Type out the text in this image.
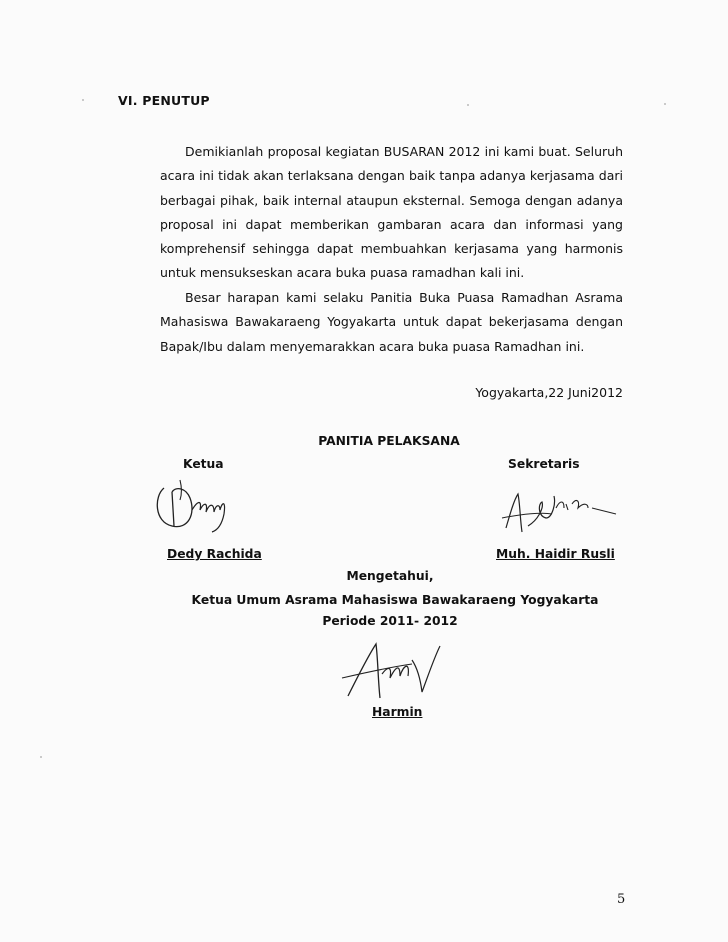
VI. PENUTUP

Demikianlah proposal kegiatan BUSARAN 2012 ini kami buat. Seluruh acara ini tidak akan terlaksana dengan baik tanpa adanya kerjasama dari berbagai pihak, baik internal ataupun eksternal. Semoga dengan adanya proposal ini dapat memberikan gambaran acara dan informasi yang komprehensif sehingga dapat membuahkan kerjasama yang harmonis untuk mensukseskan acara buka puasa ramadhan kali ini.

Besar harapan kami selaku Panitia Buka Puasa Ramadhan Asrama Mahasiswa Bawakaraeng Yogyakarta untuk dapat bekerjasama dengan Bapak/Ibu dalam menyemarakkan acara buka puasa Ramadhan ini.

Yogyakarta,22 Juni2012
PANITIA PELAKSANA
Ketua	Sekretaris
Dedy Rachida	Muh. Haidir Rusli
Mengetahui,
Ketua Umum Asrama Mahasiswa Bawakaraeng Yogyakarta
Periode 2011- 2012
Harmin
5
